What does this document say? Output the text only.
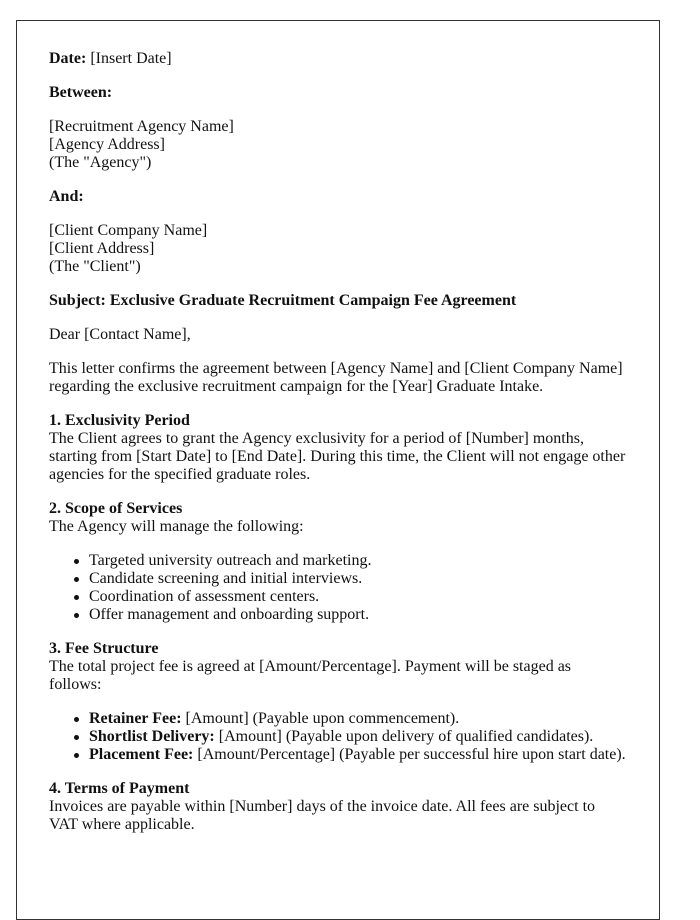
Date: [Insert Date]

Between:

[Recruitment Agency Name]
[Agency Address]
(The "Agency")

And:

[Client Company Name]
[Client Address]
(The "Client")

Subject: Exclusive Graduate Recruitment Campaign Fee Agreement

Dear [Contact Name],

This letter confirms the agreement between [Agency Name] and [Client Company Name] regarding the exclusive recruitment campaign for the [Year] Graduate Intake.

1. Exclusivity Period
The Client agrees to grant the Agency exclusivity for a period of [Number] months, starting from [Start Date] to [End Date]. During this time, the Client will not engage other agencies for the specified graduate roles.
2. Scope of Services
The Agency will manage the following:
Targeted university outreach and marketing.
Candidate screening and initial interviews.
Coordination of assessment centers.
Offer management and onboarding support.
3. Fee Structure
The total project fee is agreed at [Amount/Percentage]. Payment will be staged as follows:
Retainer Fee: [Amount] (Payable upon commencement).
Shortlist Delivery: [Amount] (Payable upon delivery of qualified candidates).
Placement Fee: [Amount/Percentage] (Payable per successful hire upon start date).
4. Terms of Payment
Invoices are payable within [Number] days of the invoice date. All fees are subject to VAT where applicable.
